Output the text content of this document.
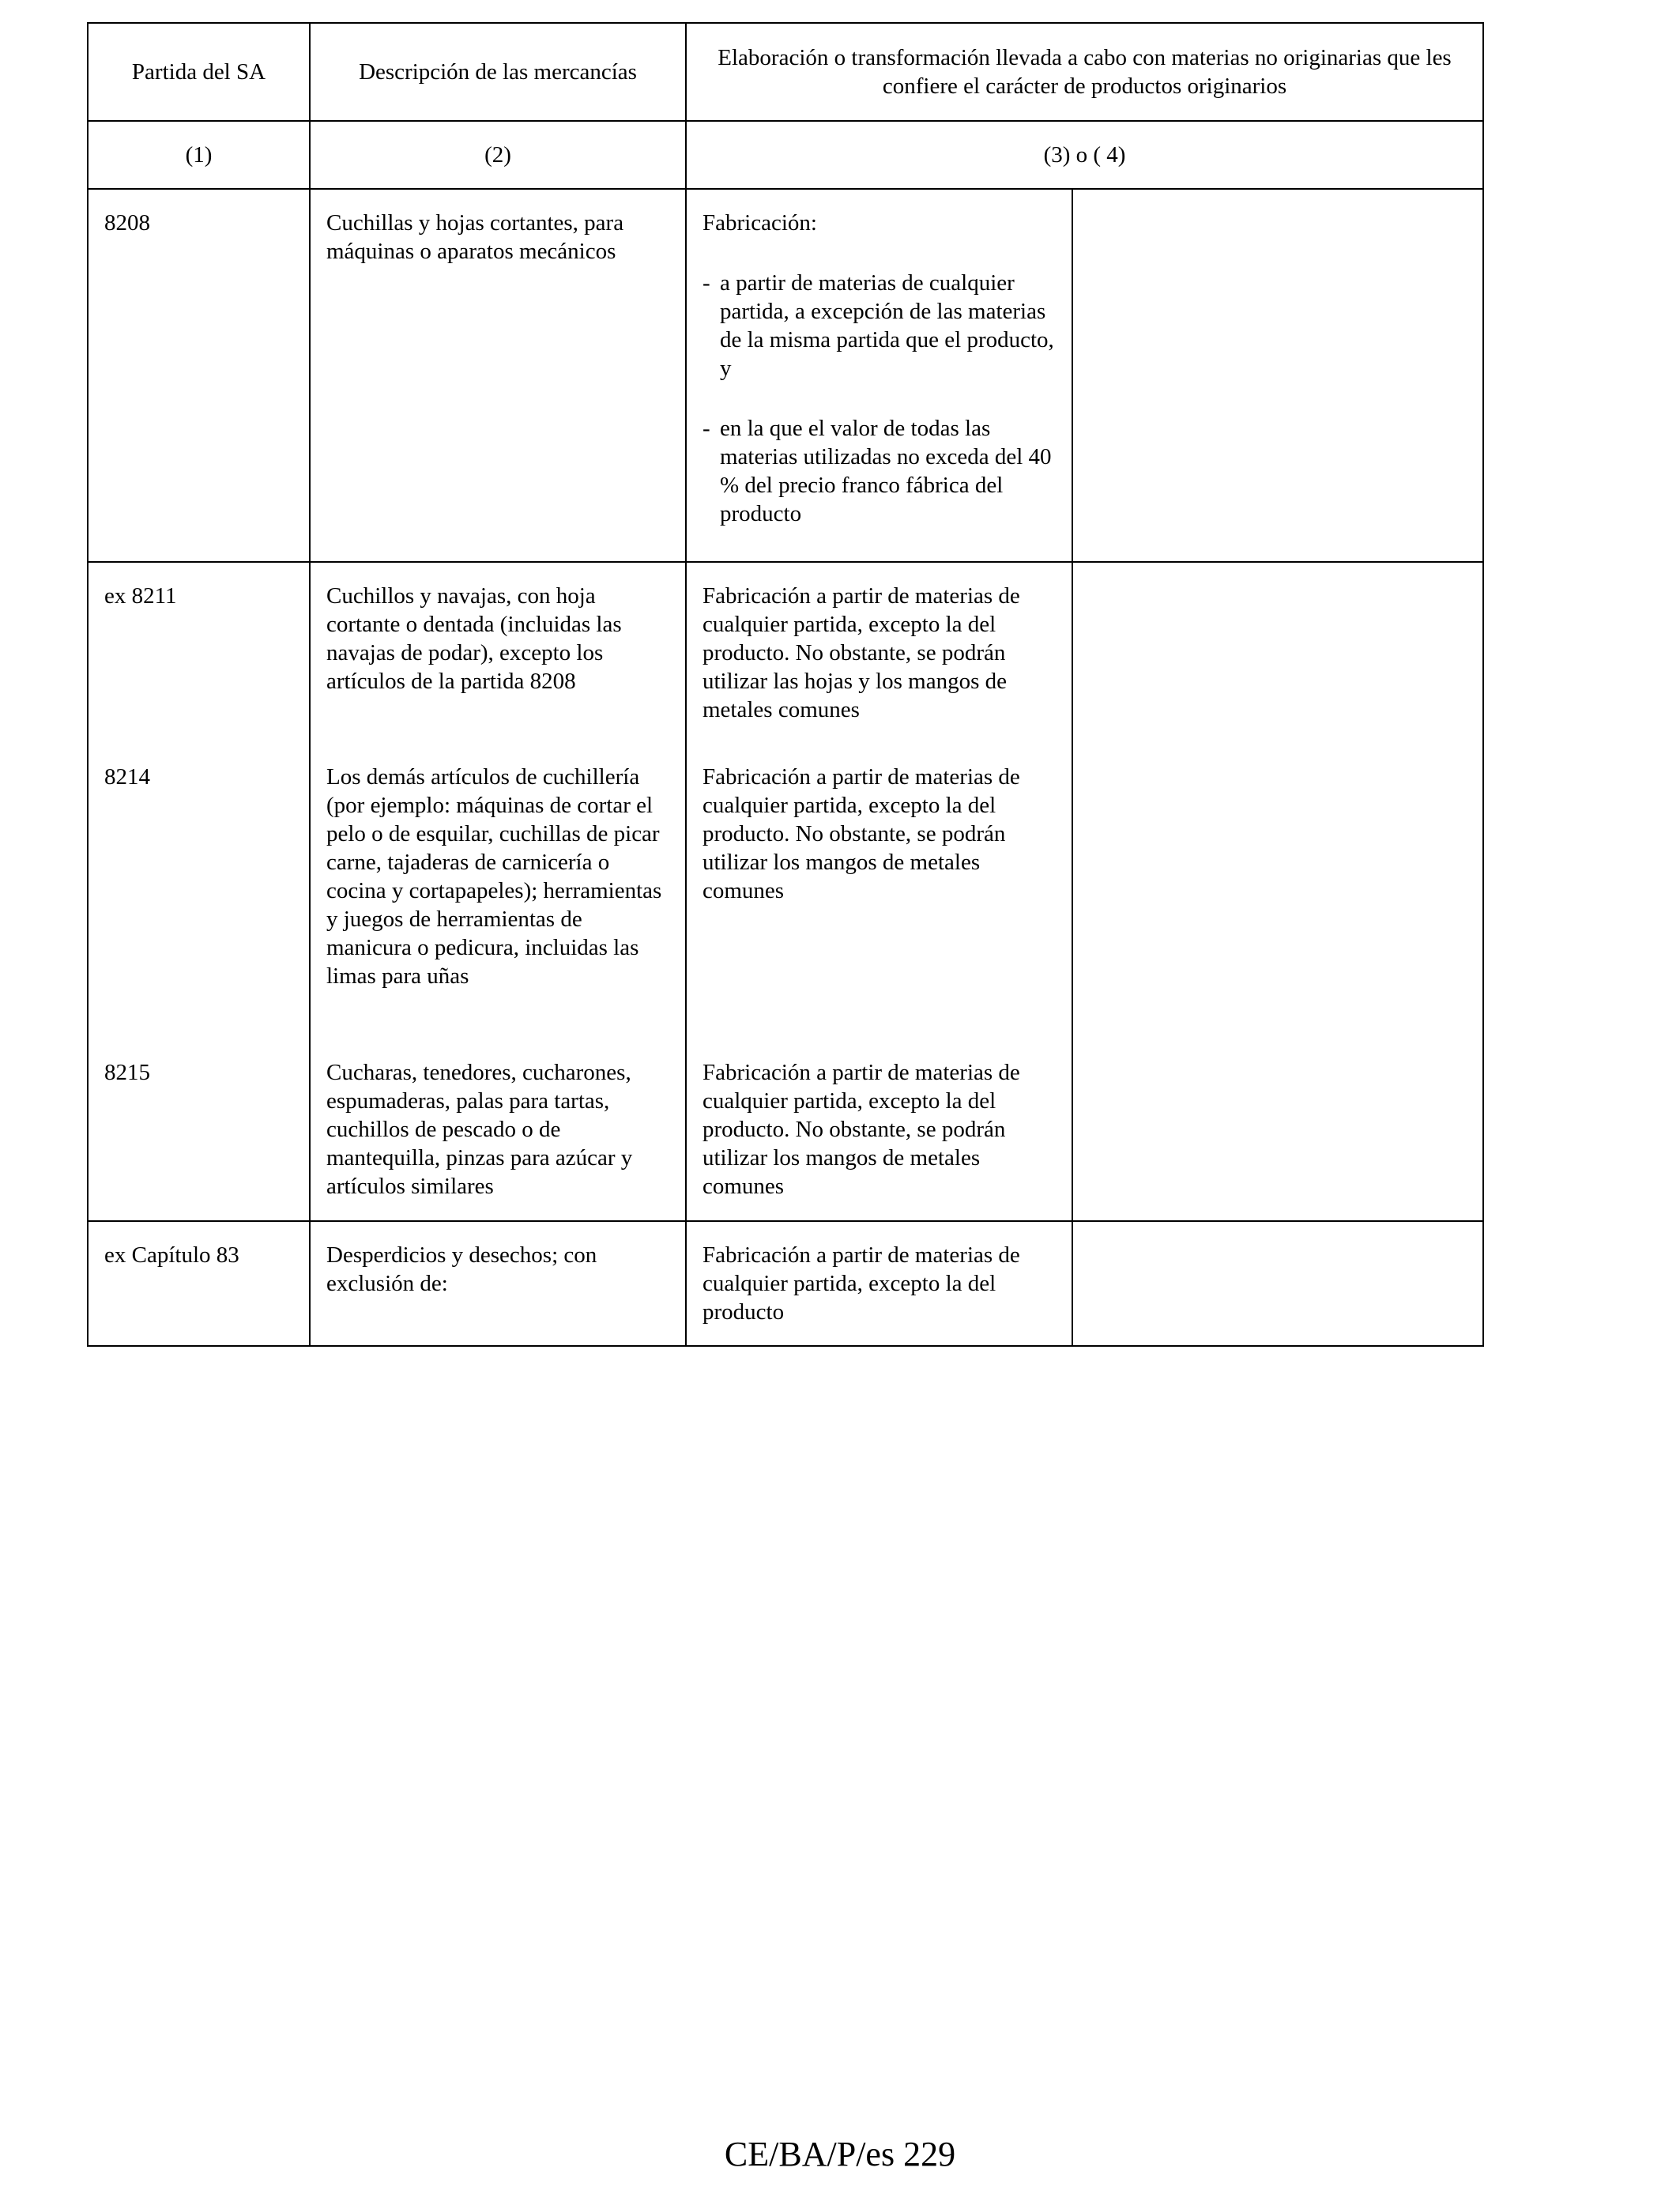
Partida del SA	Descripción de las mercancías	Elaboración o transformación llevada a cabo con materias no originarias que les confiere el carácter de productos originarios	
(1)	(2)	(3) o ( 4)	
8208	Cuchillas y hojas cortantes, para máquinas o aparatos mecánicos	Fabricación:
- a partir de materias de cualquier partida, a excepción de las materias de la misma partida que el producto, y
- en la que el valor de todas las materias utilizadas no exceda del 40 % del precio franco fábrica del producto	

ex 8211	Cuchillos y navajas, con hoja cortante o dentada (incluidas las navajas de podar), excepto los artículos de la partida 8208	Fabricación a partir de materias de cualquier partida, excepto la del producto. No obstante, se podrán utilizar las hojas y los mangos de metales comunes	
8214	Los demás artículos de cuchillería (por ejemplo: máquinas de cortar el pelo o de esquilar, cuchillas de picar carne, tajaderas de carnicería o cocina y cortapapeles); herramientas y juegos de herramientas de manicura o pedicura, incluidas las limas para uñas	Fabricación a partir de materias de cualquier partida, excepto la del producto. No obstante, se podrán utilizar los mangos de metales comunes	
8215	Cucharas, tenedores, cucharones, espumaderas, palas para tartas, cuchillos de pescado o de mantequilla, pinzas para azúcar y artículos similares	Fabricación a partir de materias de cualquier partida, excepto la del producto. No obstante, se podrán utilizar los mangos de metales comunes	
ex Capítulo 83	Desperdicios y desechos; con exclusión de:	Fabricación a partir de materias de cualquier partida, excepto la del producto	
CE/BA/P/es 229
